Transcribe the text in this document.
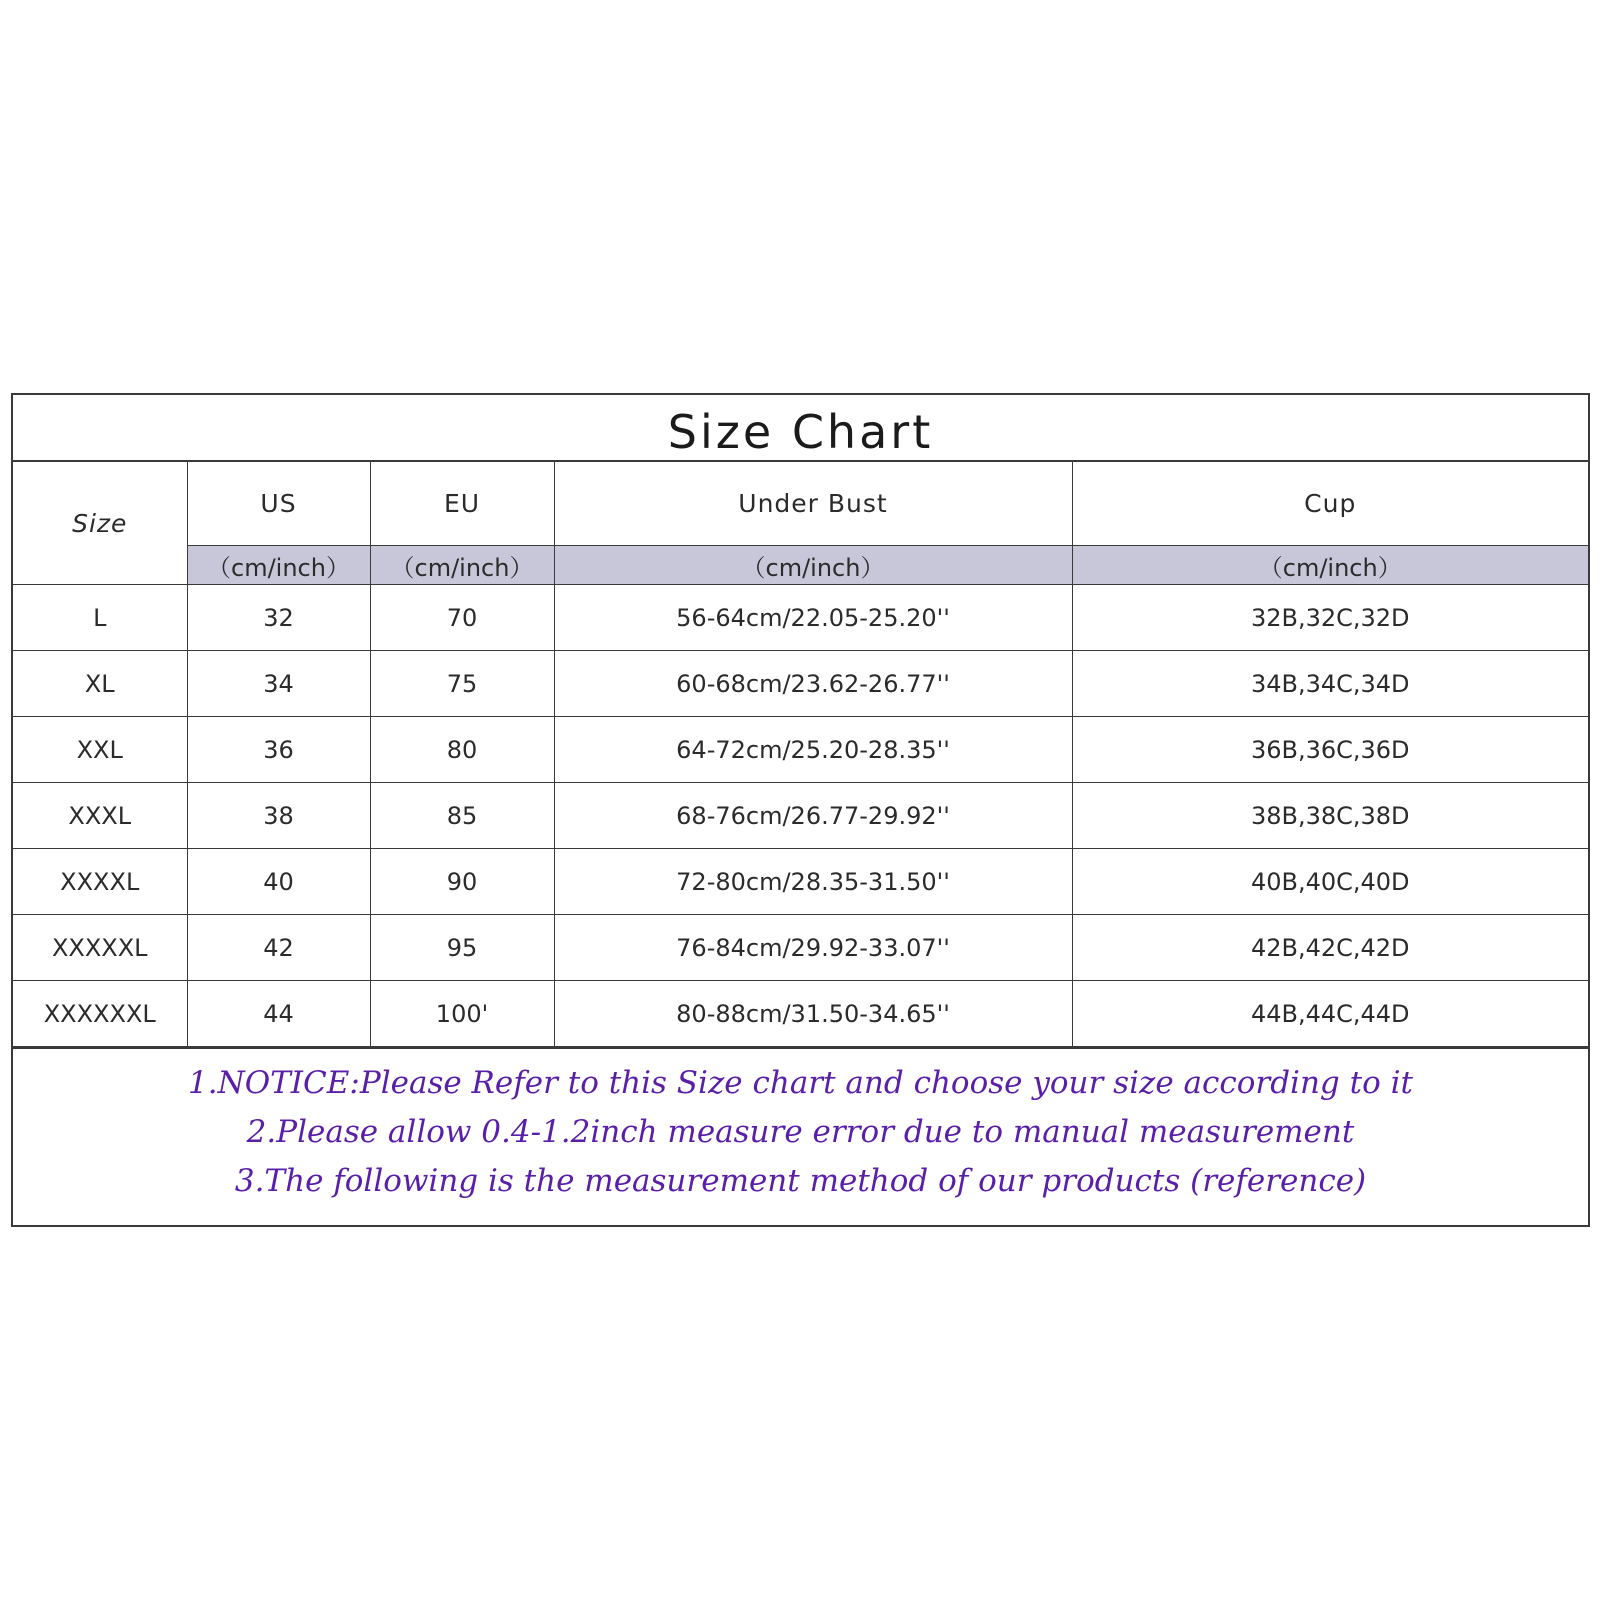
Size Chart
Size	US	EU	Under Bust	Cup
	（cm/inch）	（cm/inch）	（cm/inch）	（cm/inch）
L	32	70	56-64cm/22.05-25.20''	32B,32C,32D
XL	34	75	60-68cm/23.62-26.77''	34B,34C,34D
XXL	36	80	64-72cm/25.20-28.35''	36B,36C,36D
XXXL	38	85	68-76cm/26.77-29.92''	38B,38C,38D
XXXXL	40	90	72-80cm/28.35-31.50''	40B,40C,40D
XXXXXL	42	95	76-84cm/29.92-33.07''	42B,42C,42D
XXXXXXL	44	100'	80-88cm/31.50-34.65''	44B,44C,44D
1.NOTICE:Please Refer to this Size chart and choose your size according to it
2.Please allow 0.4-1.2inch measure error due to manual measurement
3.The following is the measurement method of our products (reference)
